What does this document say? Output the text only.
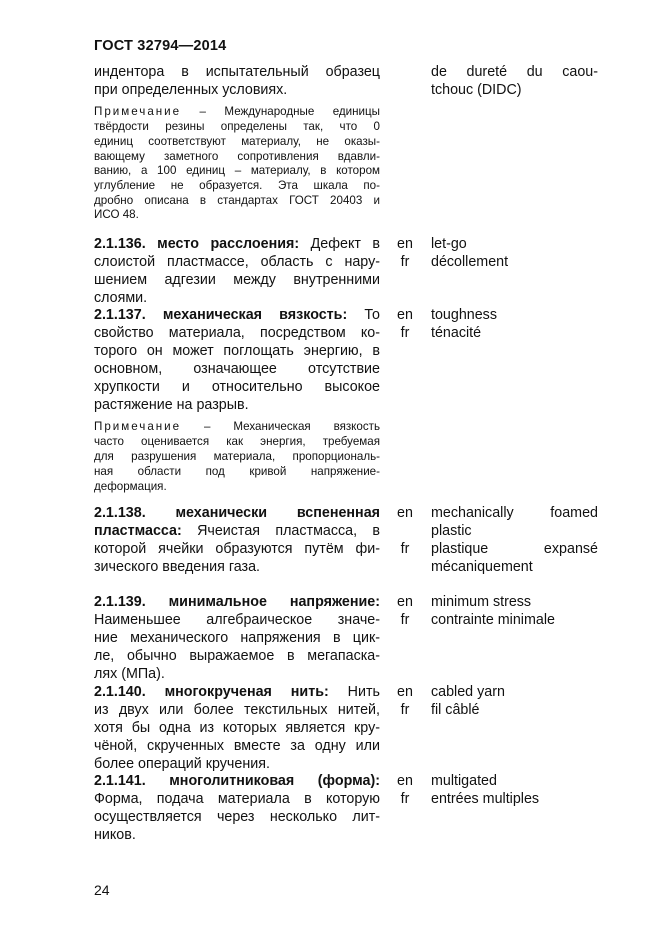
ГОСТ 32794—2014
индентора в испытательный образец
при определенных условиях.
de dureté du caou-
tchouc (DIDC)
Примечание – Международные единицы
твёрдости резины определены так, что 0
единиц соответствуют материалу, не оказы-
вающему заметного сопротивления вдавли-
ванию, а 100 единиц – материалу, в котором
углубление не образуется. Эта шкала по-
дробно описана в стандартах ГОСТ 20403 и
ИСО 48.
2.1.136. место расслоения: Дефект в
слоистой пластмассе, область с нару-
шением адгезии между внутренними
слоями.
en
fr
let-go
décollement
2.1.137. механическая вязкость: То
свойство материала, посредством ко-
торого он может поглощать энергию, в
основном, означающее отсутствие
хрупкости и относительно высокое
растяжение на разрыв.
en
fr
toughness
ténacité
Примечание – Механическая вязкость
часто оценивается как энергия, требуемая
для разрушения материала, пропорциональ-
ная области под кривой напряжение-
деформация.
2.1.138. механически вспененная
пластмасса: Ячеистая пластмасса, в
которой ячейки образуются путём фи-
зического введения газа.
en
fr
mechanically foamed
plastic
plastique expansé
mécaniquement
2.1.139. минимальное напряжение:
Наименьшее алгебраическое значе-
ние механического напряжения в цик-
ле, обычно выражаемое в мегапаска-
лях (МПа).
en
fr
minimum stress
contrainte minimale
2.1.140. многокрученая нить: Нить
из двух или более текстильных нитей,
хотя бы одна из которых является кру-
чёной, скрученных вместе за одну или
более операций кручения.
en
fr
cabled yarn
fil câblé
2.1.141. многолитниковая (форма):
Форма, подача материала в которую
осуществляется через несколько лит-
ников.
en
fr
multigated
entrées multiples
24
